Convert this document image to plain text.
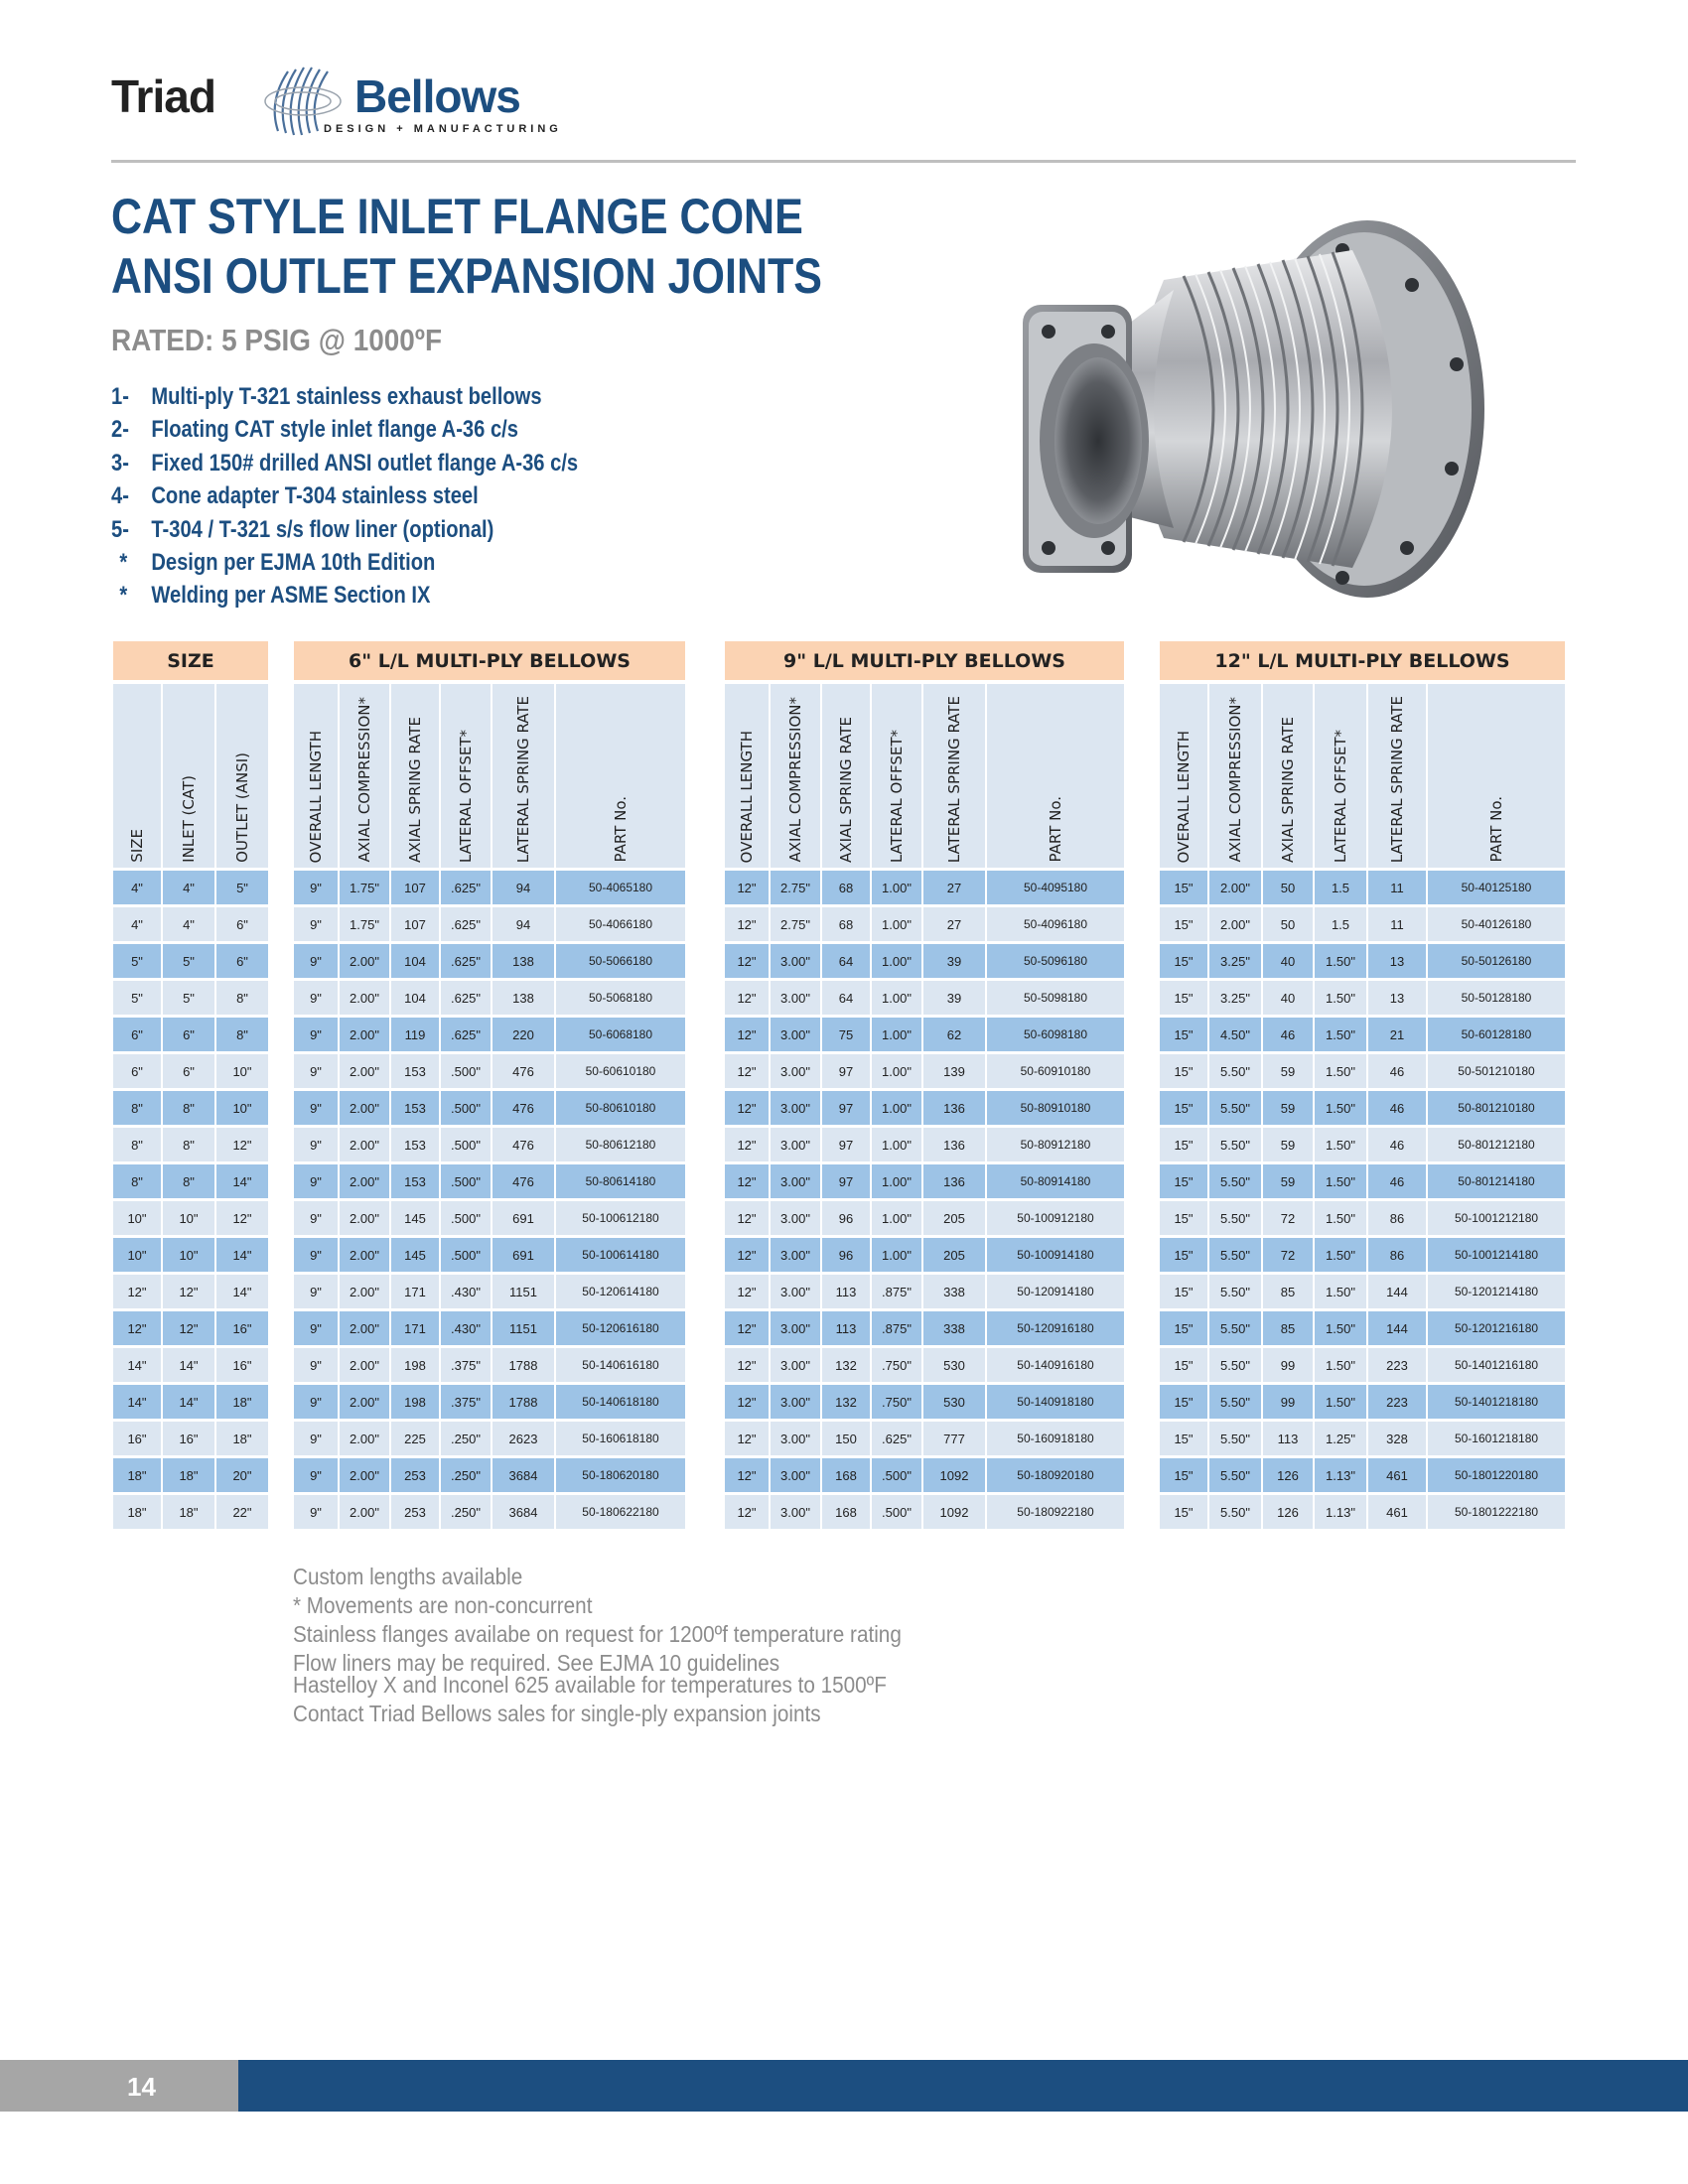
Triad	Bellows
DESIGN + MANUFACTURING
CAT STYLE INLET FLANGE CONE
ANSI OUTLET EXPANSION JOINTS
RATED: 5 PSIG @ 1000ºF
1- Multi-ply T-321 stainless exhaust bellows
2- Floating CAT style inlet flange A-36 c/s
3- Fixed 150# drilled ANSI outlet flange A-36 c/s
4- Cone adapter T-304 stainless steel
5- T-304 / T-321 s/s flow liner (optional)
* Design per EJMA 10th Edition
* Welding per ASME Section IX
SIZE		
SIZE	INLET (CAT)	OUTLET (ANSI)
4"	4"	5"
4"	4"	6"
5"	5"	6"
5"	5"	8"
6"	6"	8"
6"	6"	10"
8"	8"	10"
8"	8"	12"
8"	8"	14"
10"	10"	12"
10"	10"	14"
12"	12"	14"
12"	12"	16"
14"	14"	16"
14"	14"	18"
16"	16"	18"
18"	18"	20"
18"	18"	22"
6" L/L MULTI-PLY BELLOWS					
OVERALL LENGTH	AXIAL COMPRESSION*	AXIAL SPRING RATE	LATERAL OFFSET*	LATERAL SPRING RATE	PART No.
9"	1.75"	107	.625"	94	50-4065180
9"	1.75"	107	.625"	94	50-4066180
9"	2.00"	104	.625"	138	50-5066180
9"	2.00"	104	.625"	138	50-5068180
9"	2.00"	119	.625"	220	50-6068180
9"	2.00"	153	.500"	476	50-60610180
9"	2.00"	153	.500"	476	50-80610180
9"	2.00"	153	.500"	476	50-80612180
9"	2.00"	153	.500"	476	50-80614180
9"	2.00"	145	.500"	691	50-100612180
9"	2.00"	145	.500"	691	50-100614180
9"	2.00"	171	.430"	1151	50-120614180
9"	2.00"	171	.430"	1151	50-120616180
9"	2.00"	198	.375"	1788	50-140616180
9"	2.00"	198	.375"	1788	50-140618180
9"	2.00"	225	.250"	2623	50-160618180
9"	2.00"	253	.250"	3684	50-180620180
9"	2.00"	253	.250"	3684	50-180622180
9" L/L MULTI-PLY BELLOWS					
OVERALL LENGTH	AXIAL COMPRESSION*	AXIAL SPRING RATE	LATERAL OFFSET*	LATERAL SPRING RATE	PART No.
12"	2.75"	68	1.00"	27	50-4095180
12"	2.75"	68	1.00"	27	50-4096180
12"	3.00"	64	1.00"	39	50-5096180
12"	3.00"	64	1.00"	39	50-5098180
12"	3.00"	75	1.00"	62	50-6098180
12"	3.00"	97	1.00"	139	50-60910180
12"	3.00"	97	1.00"	136	50-80910180
12"	3.00"	97	1.00"	136	50-80912180
12"	3.00"	97	1.00"	136	50-80914180
12"	3.00"	96	1.00"	205	50-100912180
12"	3.00"	96	1.00"	205	50-100914180
12"	3.00"	113	.875"	338	50-120914180
12"	3.00"	113	.875"	338	50-120916180
12"	3.00"	132	.750"	530	50-140916180
12"	3.00"	132	.750"	530	50-140918180
12"	3.00"	150	.625"	777	50-160918180
12"	3.00"	168	.500"	1092	50-180920180
12"	3.00"	168	.500"	1092	50-180922180
12" L/L MULTI-PLY BELLOWS					
OVERALL LENGTH	AXIAL COMPRESSION*	AXIAL SPRING RATE	LATERAL OFFSET*	LATERAL SPRING RATE	PART No.
15"	2.00"	50	1.5	11	50-40125180
15"	2.00"	50	1.5	11	50-40126180
15"	3.25"	40	1.50"	13	50-50126180
15"	3.25"	40	1.50"	13	50-50128180
15"	4.50"	46	1.50"	21	50-60128180
15"	5.50"	59	1.50"	46	50-501210180
15"	5.50"	59	1.50"	46	50-801210180
15"	5.50"	59	1.50"	46	50-801212180
15"	5.50"	59	1.50"	46	50-801214180
15"	5.50"	72	1.50"	86	50-1001212180
15"	5.50"	72	1.50"	86	50-1001214180
15"	5.50"	85	1.50"	144	50-1201214180
15"	5.50"	85	1.50"	144	50-1201216180
15"	5.50"	99	1.50"	223	50-1401216180
15"	5.50"	99	1.50"	223	50-1401218180
15"	5.50"	113	1.25"	328	50-1601218180
15"	5.50"	126	1.13"	461	50-1801220180
15"	5.50"	126	1.13"	461	50-1801222180
Custom lengths available
* Movements are non-concurrent
Stainless flanges availabe on request for 1200ºf temperature rating
Flow liners may be required. See EJMA 10 guidelines
Hastelloy X and Inconel 625 available for temperatures to 1500ºF
Contact Triad Bellows sales for single-ply expansion joints
14
